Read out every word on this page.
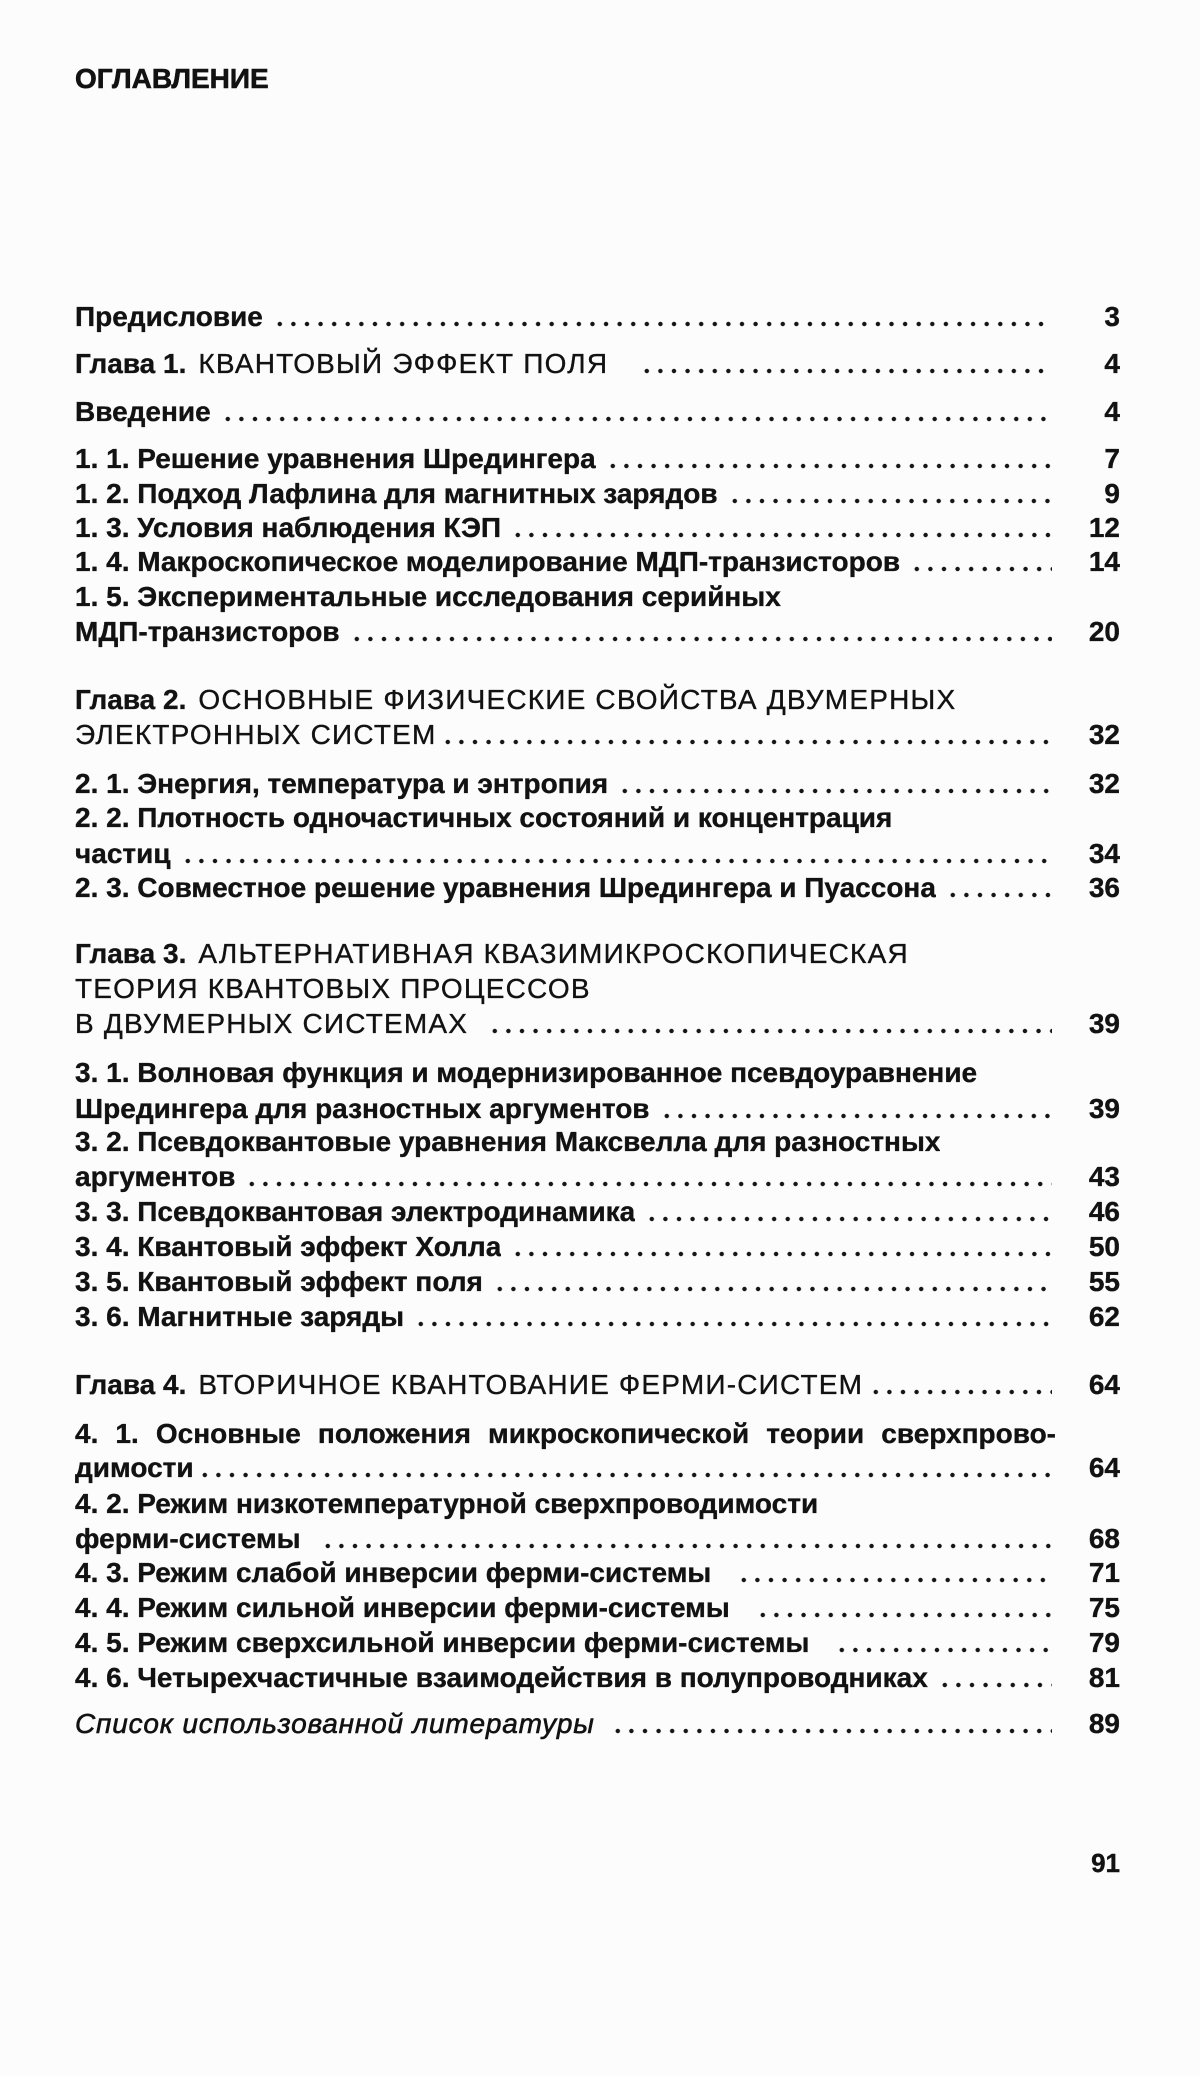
ОГЛАВЛЕНИЕ
Предисловие	3
Глава 1. КВАНТОВЫЙ ЭФФЕКТ ПОЛЯ	4
Введение	4
1. 1. Решение уравнения Шредингера	7
1. 2. Подход Лафлина для магнитных зарядов	9
1. 3. Условия наблюдения КЭП	12
1. 4. Макроскопическое моделирование МДП-транзисторов	14
1. 5. Экспериментальные исследования серийных
МДП-транзисторов	20
Глава 2. ОСНОВНЫЕ ФИЗИЧЕСКИЕ СВОЙСТВА ДВУМЕРНЫХ
ЭЛЕКТРОННЫХ СИСТЕМ	32
2. 1. Энергия, температура и энтропия	32
2. 2. Плотность одночастичных состояний и концентрация
частиц	34
2. 3. Совместное решение уравнения Шредингера и Пуассона	36
Глава 3. АЛЬТЕРНАТИВНАЯ КВАЗИМИКРОСКОПИЧЕСКАЯ
ТЕОРИЯ КВАНТОВЫХ ПРОЦЕССОВ
В ДВУМЕРНЫХ СИСТЕМАХ	39
3. 1. Волновая функция и модернизированное псевдоуравнение
Шредингера для разностных аргументов	39
3. 2. Псевдоквантовые уравнения Максвелла для разностных
аргументов	43
3. 3. Псевдоквантовая электродинамика	46
3. 4. Квантовый эффект Холла	50
3. 5. Квантовый эффект поля	55
3. 6. Магнитные заряды	62
Глава 4. ВТОРИЧНОЕ КВАНТОВАНИЕ ФЕРМИ-СИСТЕМ	64
4. 1. Основные положения микроскопической теории сверхпрово-
димости	64
4. 2. Режим низкотемпературной сверхпроводимости
ферми-системы	68
4. 3. Режим слабой инверсии ферми-системы	71
4. 4. Режим сильной инверсии ферми-системы	75
4. 5. Режим сверхсильной инверсии ферми-системы	79
4. 6. Четырехчастичные взаимодействия в полупроводниках	81
Список использованной литературы	89
91
